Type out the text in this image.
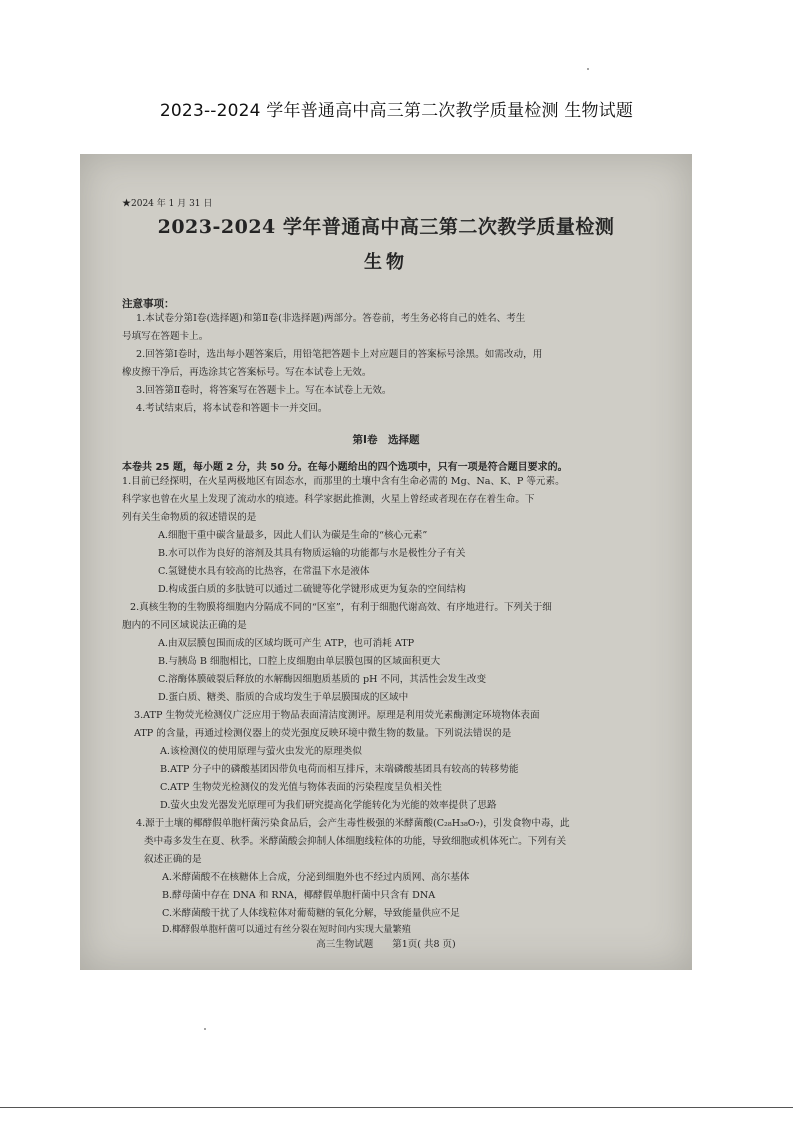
2023--2024 学年普通高中高三第二次教学质量检测 生物试题
★2024 年 1 月 31 日
2023-2024 学年普通高中高三第二次教学质量检测
生物
注意事项：
1.本试卷分第Ⅰ卷(选择题)和第Ⅱ卷(非选择题)两部分。答卷前，考生务必将自己的姓名、考生
号填写在答题卡上。
2.回答第Ⅰ卷时，选出每小题答案后，用铅笔把答题卡上对应题目的答案标号涂黑。如需改动，用
橡皮擦干净后，再选涂其它答案标号。写在本试卷上无效。
3.回答第Ⅱ卷时，将答案写在答题卡上。写在本试卷上无效。
4.考试结束后，将本试卷和答题卡一并交回。
第Ⅰ卷　选择题
本卷共 25 题，每小题 2 分，共 50 分。在每小题给出的四个选项中，只有一项是符合题目要求的。
1.目前已经探明，在火星两极地区有固态水，而那里的土壤中含有生命必需的 Mg、Na、K、P 等元素。
科学家也曾在火星上发现了流动水的痕迹。科学家据此推测，火星上曾经或者现在存在着生命。下
列有关生命物质的叙述错误的是
A.细胞干重中碳含量最多，因此人们认为碳是生命的“核心元素”
B.水可以作为良好的溶剂及其具有物质运输的功能都与水是极性分子有关
C.氢键使水具有较高的比热容，在常温下水是液体
D.构成蛋白质的多肽链可以通过二硫键等化学键形成更为复杂的空间结构
2.真核生物的生物膜将细胞内分隔成不同的“区室”，有利于细胞代谢高效、有序地进行。下列关于细
胞内的不同区域说法正确的是
A.由双层膜包围而成的区域均既可产生 ATP，也可消耗 ATP
B.与胰岛 B 细胞相比，口腔上皮细胞由单层膜包围的区域面积更大
C.溶酶体膜破裂后释放的水解酶因细胞质基质的 pH 不同，其活性会发生改变
D.蛋白质、糖类、脂质的合成均发生于单层膜围成的区域中
3.ATP 生物荧光检测仪广泛应用于物品表面清洁度测评。原理是利用荧光素酶测定环境物体表面
ATP 的含量，再通过检测仪器上的荧光强度反映环境中微生物的数量。下列说法错误的是
A.该检测仪的使用原理与萤火虫发光的原理类似
B.ATP 分子中的磷酸基团因带负电荷而相互排斥，末端磷酸基团具有较高的转移势能
C.ATP 生物荧光检测仪的发光值与物体表面的污染程度呈负相关性
D.萤火虫发光器发光原理可为我们研究提高化学能转化为光能的效率提供了思路
4.源于土壤的椰酵假单胞杆菌污染食品后，会产生毒性极强的米酵菌酸(C₂₈H₃₈O₇)，引发食物中毒，此
类中毒多发生在夏、秋季。米酵菌酸会抑制人体细胞线粒体的功能，导致细胞或机体死亡。下列有关
叙述正确的是
A.米酵菌酸不在核糖体上合成，分泌到细胞外也不经过内质网、高尔基体
B.酵母菌中存在 DNA 和 RNA，椰酵假单胞杆菌中只含有 DNA
C.米酵菌酸干扰了人体线粒体对葡萄糖的氧化分解，导致能量供应不足
D.椰酵假单胞杆菌可以通过有丝分裂在短时间内实现大量繁殖
高三生物试题　　第1页( 共8 页)
